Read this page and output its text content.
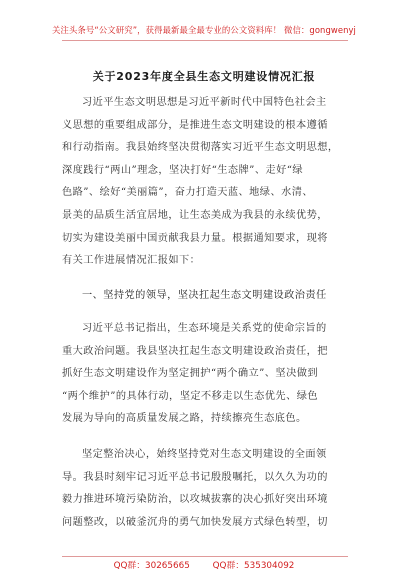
关注头条号“公文研究”，获得最新最全最专业的公文资料库！ 微信：gongwenyj
关于2023年度全县生态文明建设情况汇报
习近平生态文明思想是习近平新时代中国特色社会主
义思想的重要组成部分，是推进生态文明建设的根本遵循
和行动指南。我县始终坚决贯彻落实习近平生态文明思想，
深度践行“两山”理念，坚决打好“生态牌”、走好“绿
色路”、绘好“美丽篇”，奋力打造天蓝、地绿、水清、
景美的品质生活宜居地，让生态美成为我县的永续优势，
切实为建设美丽中国贡献我县力量。根据通知要求，现将
有关工作进展情况汇报如下：
一、坚持党的领导，坚决扛起生态文明建设政治责任
习近平总书记指出，生态环境是关系党的使命宗旨的
重大政治问题。我县坚决扛起生态文明建设政治责任，把
抓好生态文明建设作为坚定拥护“两个确立”、坚决做到
“两个维护”的具体行动，坚定不移走以生态优先、绿色
发展为导向的高质量发展之路，持续擦亮生态底色。
坚定整治决心，始终坚持党对生态文明建设的全面领
导。我县时刻牢记习近平总书记殷殷嘱托，以久久为功的
毅力推进环境污染防治，以攻城拔寨的决心抓好突出环境
问题整改，以破釜沉舟的勇气加快发展方式绿色转型，切
QQ群：30265665	QQ群：535304092
